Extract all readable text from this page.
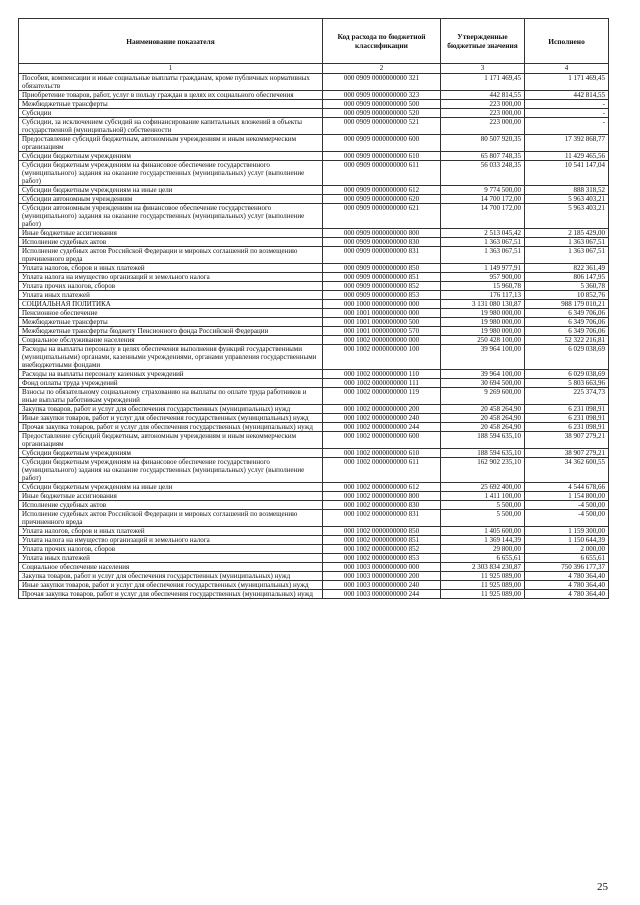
Наименование показателя	Код расхода по бюджетной классификации	Утвержденные бюджетные значения	Исполнено
1	2	3	4
Пособия, компенсации и иные социальные выплаты гражданам, кроме публичных нормативных обязательств	000 0909 0000000000 321	1 171 469,45	1 171 469,45
Приобретение товаров, работ, услуг в пользу граждан в целях их социального обеспечения	000 0909 0000000000 323	442 814,55	442 814,55
Межбюджетные трансферты	000 0909 0000000000 500	223 000,00	-
Субсидии	000 0909 0000000000 520	223 000,00	-
Субсидии, за исключением субсидий на софинансирование капитальных вложений в объекты государственной (муниципальной) собственности	000 0909 0000000000 521	223 000,00	-
Предоставление субсидий бюджетным, автономным учреждениям и иным некоммерческим организациям	000 0909 0000000000 600	80 507 920,35	17 392 868,77
Субсидии бюджетным учреждениям	000 0909 0000000000 610	65 807 748,35	11 429 465,56
Субсидии бюджетным учреждениям на финансовое обеспечение государственного (муниципального) задания на оказание государственных (муниципальных) услуг (выполнение работ)	000 0909 0000000000 611	56 033 248,35	10 541 147,04
Субсидии бюджетным учреждениям на иные цели	000 0909 0000000000 612	9 774 500,00	888 318,52
Субсидии автономным учреждениям	000 0909 0000000000 620	14 700 172,00	5 963 403,21
Субсидии автономным учреждениям на финансовое обеспечение государственного (муниципального) задания на оказание государственных (муниципальных) услуг (выполнение работ)	000 0909 0000000000 621	14 700 172,00	5 963 403,21
Иные бюджетные ассигнования	000 0909 0000000000 800	2 513 045,42	2 185 429,00
Исполнение судебных актов	000 0909 0000000000 830	1 363 067,51	1 363 067,51
Исполнение судебных актов Российской Федерации и мировых соглашений по возмещению причиненного вреда	000 0909 0000000000 831	1 363 067,51	1 363 067,51
Уплата налогов, сборов и иных платежей	000 0909 0000000000 850	1 149 977,91	822 361,49
Уплата налога на имущество организаций и земельного налога	000 0909 0000000000 851	957 900,00	806 147,95
Уплата прочих налогов, сборов	000 0909 0000000000 852	15 960,78	5 360,78
Уплата иных платежей	000 0909 0000000000 853	176 117,13	10 852,76
СОЦИАЛЬНАЯ ПОЛИТИКА	000 1000 0000000000 000	3 131 080 130,87	988 179 010,21
Пенсионное обеспечение	000 1001 0000000000 000	19 980 000,00	6 349 706,06
Межбюджетные трансферты	000 1001 0000000000 500	19 980 000,00	6 349 706,06
Межбюджетные трансферты бюджету Пенсионного фонда Российской Федерации	000 1001 0000000000 570	19 980 000,00	6 349 706,06
Социальное обслуживание населения	000 1002 0000000000 000	250 428 100,00	52 322 216,81
Расходы на выплаты персоналу в целях обеспечения выполнения функций государственными (муниципальными) органами, казенными учреждениями, органами управления государственными внебюджетными фондами	000 1002 0000000000 100	39 964 100,00	6 029 038,69
Расходы на выплаты персоналу казенных учреждений	000 1002 0000000000 110	39 964 100,00	6 029 038,69
Фонд оплаты труда учреждений	000 1002 0000000000 111	30 694 500,00	5 803 663,96
Взносы по обязательному социальному страхованию на выплаты по оплате труда работников и иные выплаты работникам учреждений	000 1002 0000000000 119	9 269 600,00	225 374,73
Закупка товаров, работ и услуг для обеспечения государственных (муниципальных) нужд	000 1002 0000000000 200	20 458 264,90	6 231 098,91
Иные закупки товаров, работ и услуг для обеспечения государственных (муниципальных) нужд	000 1002 0000000000 240	20 458 264,90	6 231 098,91
Прочая закупка товаров, работ и услуг для обеспечения государственных (муниципальных) нужд	000 1002 0000000000 244	20 458 264,90	6 231 098,91
Предоставление субсидий бюджетным, автономным учреждениям и иным некоммерческим организациям	000 1002 0000000000 600	188 594 635,10	38 907 279,21
Субсидии бюджетным учреждениям	000 1002 0000000000 610	188 594 635,10	38 907 279,21
Субсидии бюджетным учреждениям на финансовое обеспечение государственного (муниципального) задания на оказание государственных (муниципальных) услуг (выполнение работ)	000 1002 0000000000 611	162 902 235,10	34 362 600,55
Субсидии бюджетным учреждениям на иные цели	000 1002 0000000000 612	25 692 400,00	4 544 678,66
Иные бюджетные ассигнования	000 1002 0000000000 800	1 411 100,00	1 154 800,00
Исполнение судебных актов	000 1002 0000000000 830	5 500,00	-4 500,00
Исполнение судебных актов Российской Федерации и мировых соглашений по возмещению причиненного вреда	000 1002 0000000000 831	5 500,00	-4 500,00
Уплата налогов, сборов и иных платежей	000 1002 0000000000 850	1 405 600,00	1 159 300,00
Уплата налога на имущество организаций и земельного налога	000 1002 0000000000 851	1 369 144,39	1 150 644,39
Уплата прочих налогов, сборов	000 1002 0000000000 852	29 800,00	2 000,00
Уплата иных платежей	000 1002 0000000000 853	6 655,61	6 655,61
Социальное обеспечение населения	000 1003 0000000000 000	2 303 834 230,87	750 396 177,37
Закупка товаров, работ и услуг для обеспечения государственных (муниципальных) нужд	000 1003 0000000000 200	11 925 089,00	4 780 364,40
Иные закупки товаров, работ и услуг для обеспечения государственных (муниципальных) нужд	000 1003 0000000000 240	11 925 089,00	4 780 364,40
Прочая закупка товаров, работ и услуг для обеспечения государственных (муниципальных) нужд	000 1003 0000000000 244	11 925 089,00	4 780 364,40
25
